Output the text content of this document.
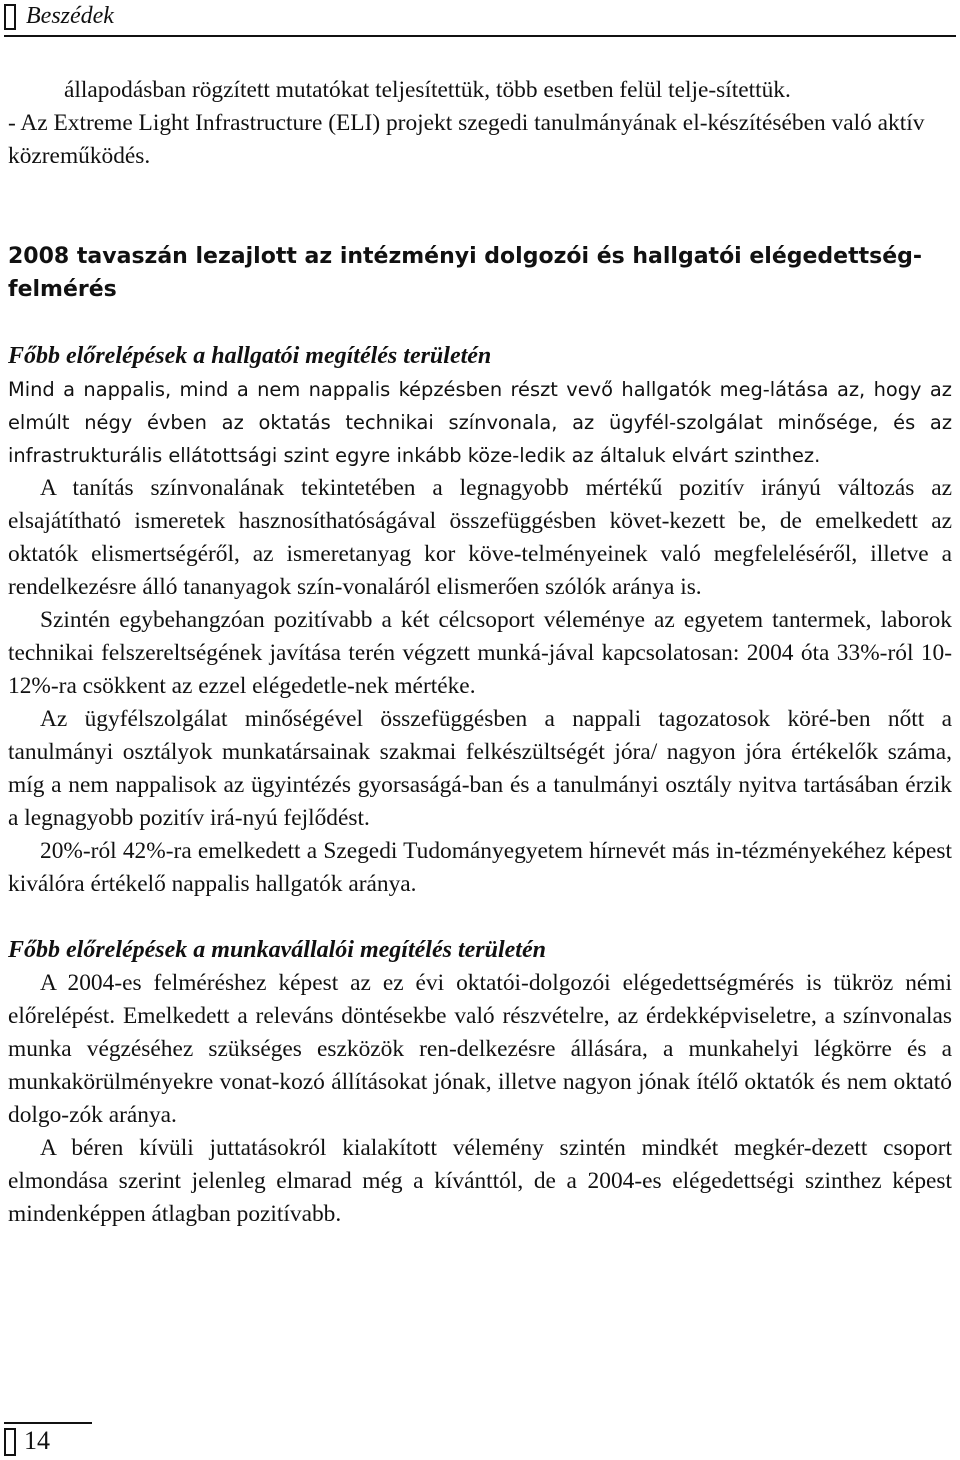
Beszédek

állapodásban rögzített mutatókat teljesítettük, több esetben felül telje-sítettük.

- Az Extreme Light Infrastructure (ELI) projekt szegedi tanulmányának el-készítésében való aktív közreműködés.

2008 tavaszán lezajlott az intézményi dolgozói és hallgatói elégedettség-felmérés
Főbb előrelépések a hallgatói megítélés területén

Mind a nappalis, mind a nem nappalis képzésben részt vevő hallgatók meg-látása az, hogy az elmúlt négy évben az oktatás technikai színvonala, az ügyfél-szolgálat minősége, és az infrastrukturális ellátottsági szint egyre inkább köze-ledik az általuk elvárt szinthez.

A tanítás színvonalának tekintetében a legnagyobb mértékű pozitív irányú változás az elsajátítható ismeretek hasznosíthatóságával összefüggésben követ-kezett be, de emelkedett az oktatók elismertségéről, az ismeretanyag kor köve-telményeinek való megfeleléséről, illetve a rendelkezésre álló tananyagok szín-vonaláról elismerően szólók aránya is.

Szintén egybehangzóan pozitívabb a két célcsoport véleménye az egyetem tantermek, laborok technikai felszereltségének javítása terén végzett munká-jával kapcsolatosan: 2004 óta 33%-ról 10-12%-ra csökkent az ezzel elégedetle-nek mértéke.

Az ügyfélszolgálat minőségével összefüggésben a nappali tagozatosok köré-ben nőtt a tanulmányi osztályok munkatársainak szakmai felkészültségét jóra/ nagyon jóra értékelők száma, míg a nem nappalisok az ügyintézés gyorsaságá-ban és a tanulmányi osztály nyitva tartásában érzik a legnagyobb pozitív irá-nyú fejlődést.

20%-ról 42%-ra emelkedett a Szegedi Tudományegyetem hírnevét más in-tézményekéhez képest kiválóra értékelő nappalis hallgatók aránya.

Főbb előrelépések a munkavállalói megítélés területén

A 2004-es felméréshez képest az ez évi oktatói-dolgozói elégedettségmérés is tükröz némi előrelépést. Emelkedett a releváns döntésekbe való részvételre, az érdekképviseletre, a színvonalas munka végzéséhez szükséges eszközök ren-delkezésre állására, a munkahelyi légkörre és a munkakörülményekre vonat-kozó állításokat jónak, illetve nagyon jónak ítélő oktatók és nem oktató dolgo-zók aránya.

A béren kívüli juttatásokról kialakított vélemény szintén mindkét megkér-dezett csoport elmondása szerint jelenleg elmarad még a kívánttól, de a 2004-es elégedettségi szinthez képest mindenképpen átlagban pozitívabb.

14
